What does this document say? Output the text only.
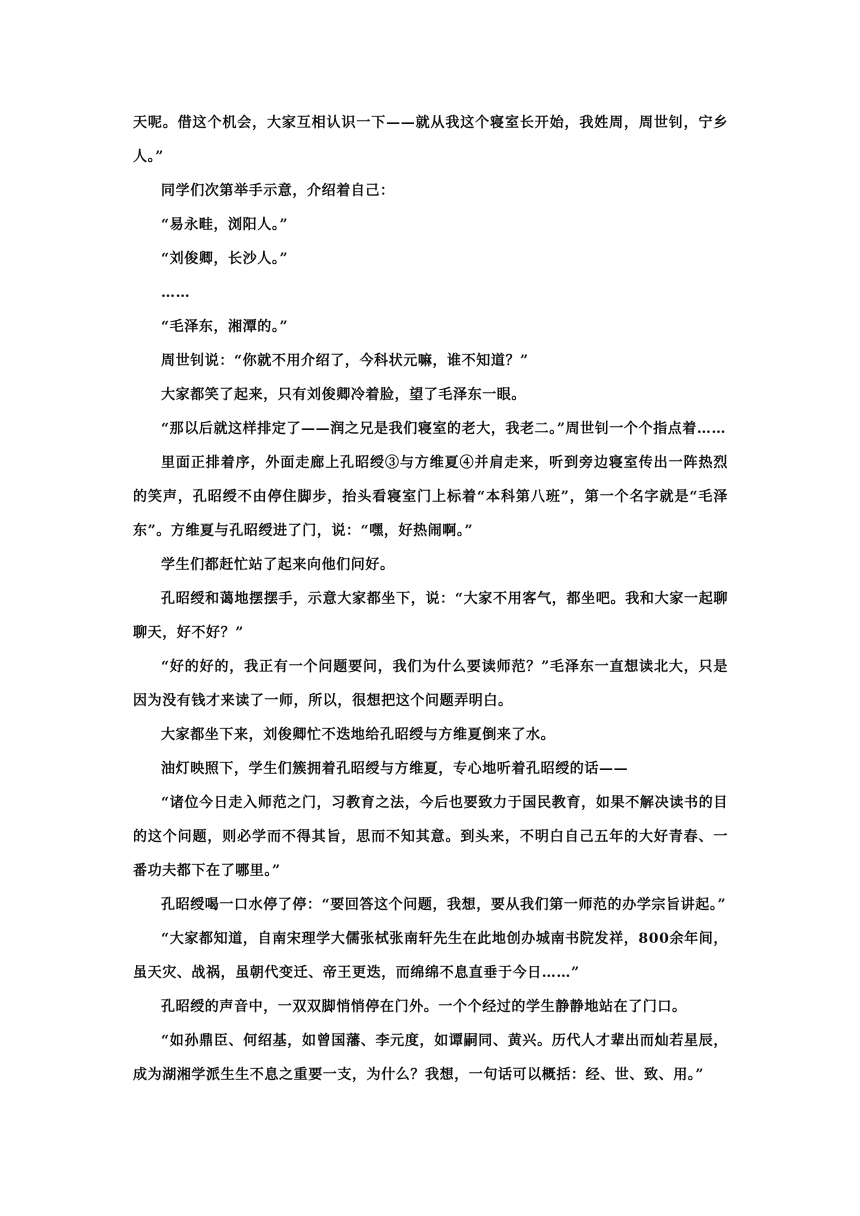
天呢。借这个机会，大家互相认识一下——就从我这个寝室长开始，我姓周，周世钊，宁乡人。”

同学们次第举手示意，介绍着自己：

“易永畦，浏阳人。”

“刘俊卿，长沙人。”

……

“毛泽东，湘潭的。”

周世钊说：“你就不用介绍了，今科状元嘛，谁不知道？”

大家都笑了起来，只有刘俊卿冷着脸，望了毛泽东一眼。

“那以后就这样排定了——润之兄是我们寝室的老大，我老二。”周世钊一个个指点着……

里面正排着序，外面走廊上孔昭绶③与方维夏④并肩走来，听到旁边寝室传出一阵热烈的笑声，孔昭绶不由停住脚步，抬头看寝室门上标着“本科第八班”，第一个名字就是“毛泽东”。方维夏与孔昭绶进了门，说：“嘿，好热闹啊。”

学生们都赶忙站了起来向他们问好。

孔昭绶和蔼地摆摆手，示意大家都坐下，说：“大家不用客气，都坐吧。我和大家一起聊聊天，好不好？”

“好的好的，我正有一个问题要问，我们为什么要读师范？”毛泽东一直想读北大，只是因为没有钱才来读了一师，所以，很想把这个问题弄明白。

大家都坐下来，刘俊卿忙不迭地给孔昭绶与方维夏倒来了水。

油灯映照下，学生们簇拥着孔昭绶与方维夏，专心地听着孔昭绶的话——

“诸位今日走入师范之门，习教育之法，今后也要致力于国民教育，如果不解决读书的目的这个问题，则必学而不得其旨，思而不知其意。到头来，不明白自己五年的大好青春、一番功夫都下在了哪里。”

孔昭绶喝一口水停了停：“要回答这个问题，我想，要从我们第一师范的办学宗旨讲起。”

“大家都知道，自南宋理学大儒张栻张南轩先生在此地创办城南书院发祥，800余年间，虽天灾、战祸，虽朝代变迁、帝王更迭，而绵绵不息直垂于今日……”

孔昭绶的声音中，一双双脚悄悄停在门外。一个个经过的学生静静地站在了门口。

“如孙鼎臣、何绍基，如曾国藩、李元度，如谭嗣同、黄兴。历代人才辈出而灿若星辰，成为湖湘学派生生不息之重要一支，为什么？我想，一句话可以概括：经、世、致、用。”
